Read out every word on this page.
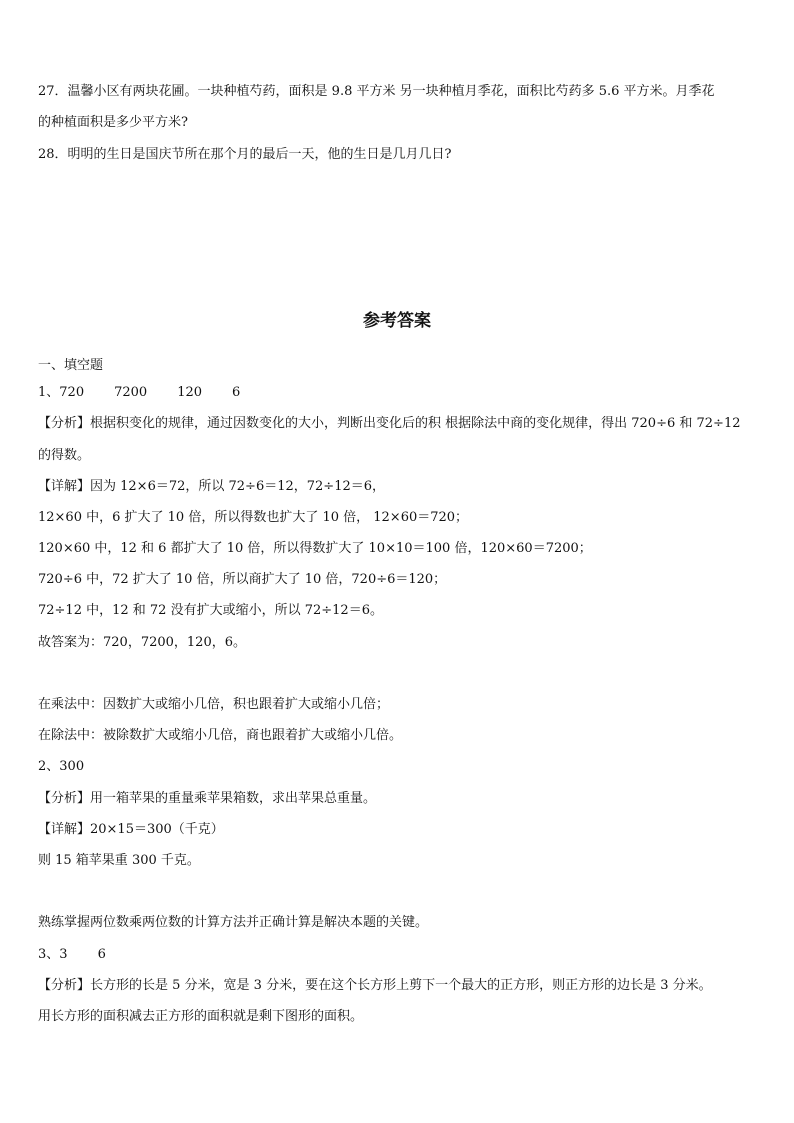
27．温馨小区有两块花圃。一块种植芍药，面积是 9.8 平方米 另一块种植月季花，面积比芍药多 5.6 平方米。月季花
的种植面积是多少平方米?
28．明明的生日是国庆节所在那个月的最后一天，他的生日是几月几日?
参考答案
一、填空题
1、720 7200 120 6
【分析】根据积变化的规律，通过因数变化的大小，判断出变化后的积 根据除法中商的变化规律，得出 720÷6 和 72÷12
的得数。
【详解】因为 12×6＝72，所以 72÷6＝12，72÷12＝6，
12×60 中，6 扩大了 10 倍，所以得数也扩大了 10 倍， 12×60＝720；
120×60 中，12 和 6 都扩大了 10 倍，所以得数扩大了 10×10＝100 倍，120×60＝7200；
720÷6 中，72 扩大了 10 倍，所以商扩大了 10 倍，720÷6＝120；
72÷12 中，12 和 72 没有扩大或缩小，所以 72÷12＝6。
故答案为：720，7200，120，6。
在乘法中：因数扩大或缩小几倍，积也跟着扩大或缩小几倍；
在除法中：被除数扩大或缩小几倍，商也跟着扩大或缩小几倍。
2、300
【分析】用一箱苹果的重量乘苹果箱数，求出苹果总重量。
【详解】20×15＝300（千克）
则 15 箱苹果重 300 千克。
熟练掌握两位数乘两位数的计算方法并正确计算是解决本题的关键。
3、3 6
【分析】长方形的长是 5 分米，宽是 3 分米，要在这个长方形上剪下一个最大的正方形，则正方形的边长是 3 分米。
用长方形的面积减去正方形的面积就是剩下图形的面积。
